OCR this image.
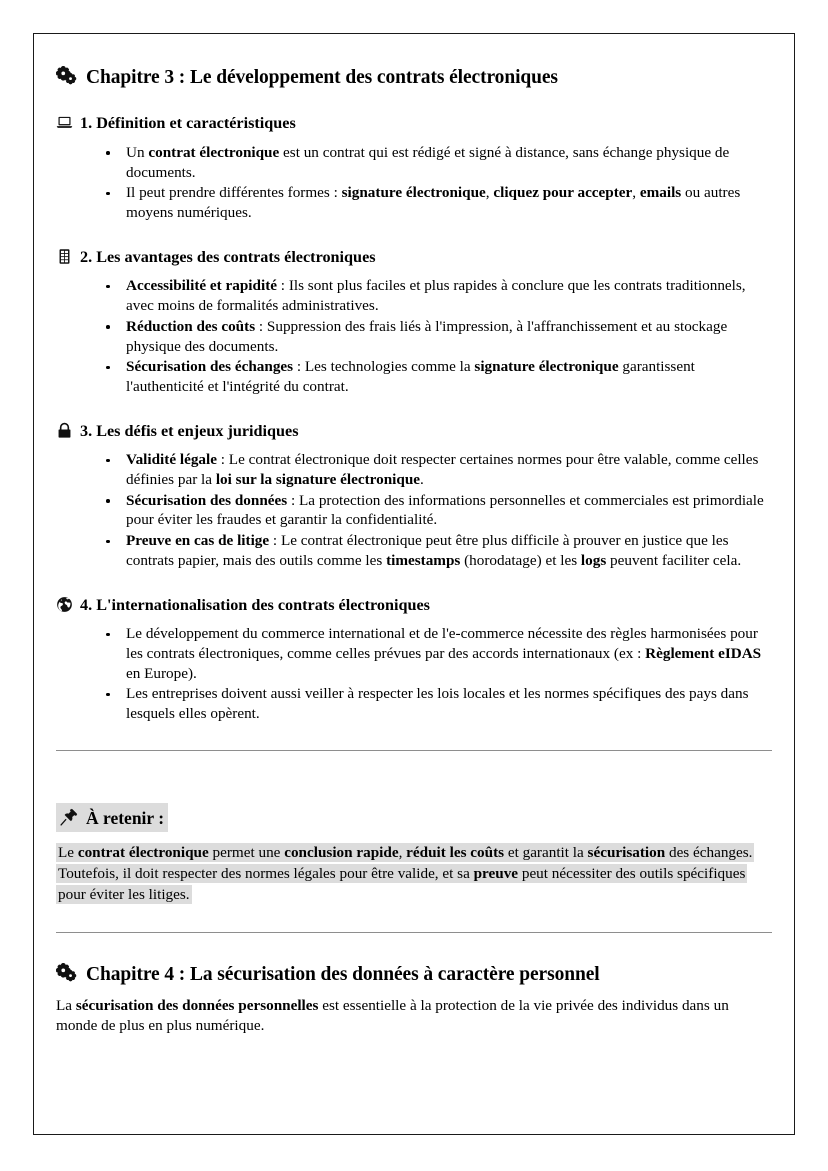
Chapitre 3 : Le développement des contrats électroniques
1. Définition et caractéristiques
Un contrat électronique est un contrat qui est rédigé et signé à distance, sans échange physique de documents.
Il peut prendre différentes formes : signature électronique, cliquez pour accepter, emails ou autres moyens numériques.
2. Les avantages des contrats électroniques
Accessibilité et rapidité : Ils sont plus faciles et plus rapides à conclure que les contrats traditionnels, avec moins de formalités administratives.
Réduction des coûts : Suppression des frais liés à l'impression, à l'affranchissement et au stockage physique des documents.
Sécurisation des échanges : Les technologies comme la signature électronique garantissent l'authenticité et l'intégrité du contrat.
3. Les défis et enjeux juridiques
Validité légale : Le contrat électronique doit respecter certaines normes pour être valable, comme celles définies par la loi sur la signature électronique.
Sécurisation des données : La protection des informations personnelles et commerciales est primordiale pour éviter les fraudes et garantir la confidentialité.
Preuve en cas de litige : Le contrat électronique peut être plus difficile à prouver en justice que les contrats papier, mais des outils comme les timestamps (horodatage) et les logs peuvent faciliter cela.
4. L'internationalisation des contrats électroniques
Le développement du commerce international et de l'e-commerce nécessite des règles harmonisées pour les contrats électroniques, comme celles prévues par des accords internationaux (ex : Règlement eIDAS en Europe).
Les entreprises doivent aussi veiller à respecter les lois locales et les normes spécifiques des pays dans lesquels elles opèrent.
À retenir :
Le contrat électronique permet une conclusion rapide, réduit les coûts et garantit la sécurisation des échanges. Toutefois, il doit respecter des normes légales pour être valide, et sa preuve peut nécessiter des outils spécifiques pour éviter les litiges.
Chapitre 4 : La sécurisation des données à caractère personnel

La sécurisation des données personnelles est essentielle à la protection de la vie privée des individus dans un monde de plus en plus numérique.
